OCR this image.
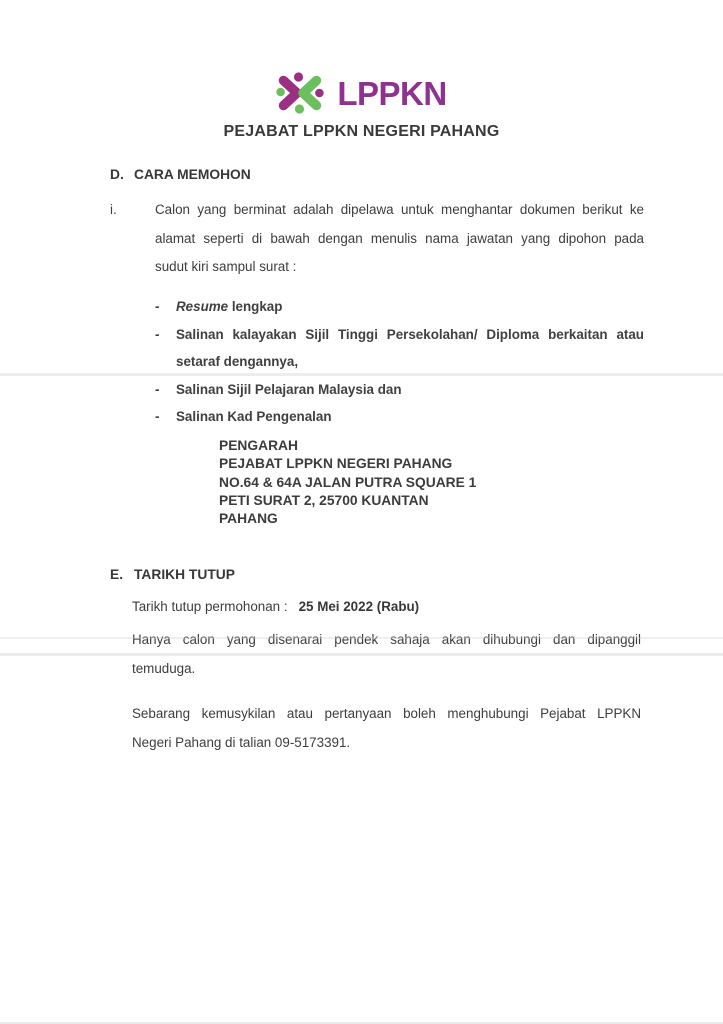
LPPKN
PEJABAT LPPKN NEGERI PAHANG
D. CARA MEMOHON
i.	Calon yang berminat adalah dipelawa untuk menghantar dokumen berikut ke
alamat seperti di bawah dengan menulis nama jawatan yang dipohon pada
sudut kiri sampul surat :
-	Resume lengkap
-	Salinan kalayakan Sijil Tinggi Persekolahan/ Diploma berkaitan atau
setaraf dengannya,
-	Salinan Sijil Pelajaran Malaysia dan
-	Salinan Kad Pengenalan
PENGARAH
PEJABAT LPPKN NEGERI PAHANG
NO.64 & 64A JALAN PUTRA SQUARE 1
PETI SURAT 2, 25700 KUANTAN
PAHANG
E. TARIKH TUTUP
Tarikh tutup permohonan : 25 Mei 2022 (Rabu)
Hanya calon yang disenarai pendek sahaja akan dihubungi dan dipanggil
temuduga.
Sebarang kemusykilan atau pertanyaan boleh menghubungi Pejabat LPPKN
Negeri Pahang di talian 09-5173391.
